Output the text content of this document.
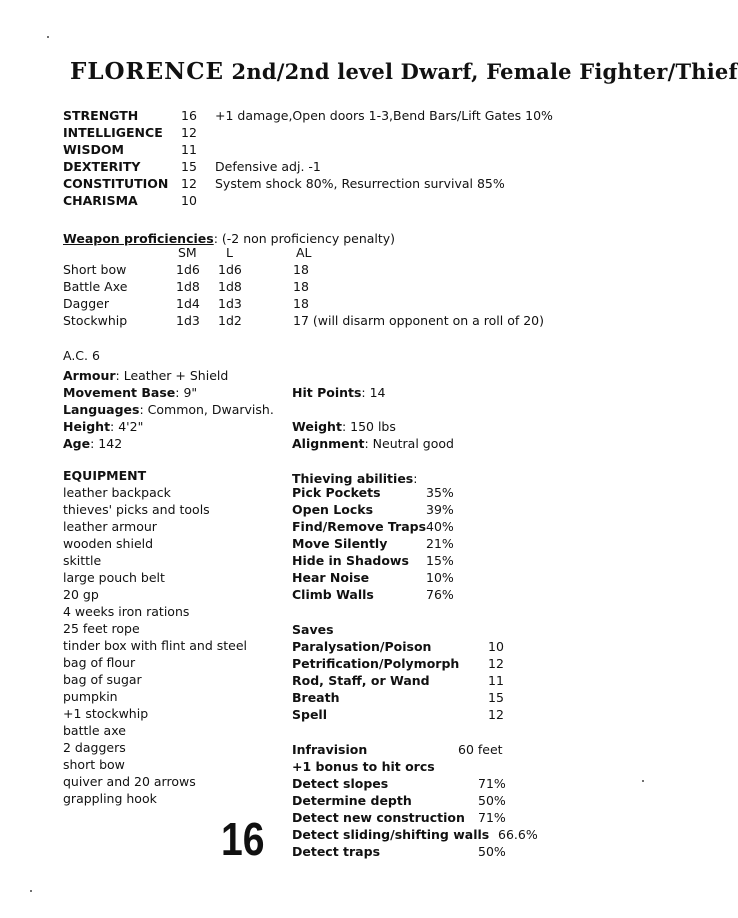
FLORENCE 2nd/2nd level Dwarf, Female Fighter/Thief
STRENGTH	16 +1 damage,Open doors 1-3,Bend Bars/Lift Gates 10%
INTELLIGENCE 12
WISDOM	11
DEXTERITY	15 Defensive adj. -1
CONSTITUTION 12 System shock 80%, Resurrection survival 85%
CHARISMA	10
Weapon proficiencies: (-2 non proficiency penalty)
SM L	AL
Short bow	1d6 1d6	18
Battle Axe	1d8 1d8	18
Dagger	1d4 1d3	18
Stockwhip	1d3 1d2	17 (will disarm opponent on a roll of 20)
A.C. 6
Armour: Leather + Shield
Movement Base: 9"	Hit Points: 14
Languages: Common, Dwarvish.
Height: 4'2"	Weight: 150 lbs
Age: 142	Alignment: Neutral good
EQUIPMENT
leather backpack
thieves' picks and tools
leather armour
wooden shield
skittle
large pouch belt
20 gp
4 weeks iron rations
25 feet rope
tinder box with flint and steel
bag of flour
bag of sugar
pumpkin
+1 stockwhip
battle axe
2 daggers
short bow
quiver and 20 arrows
grappling hook
Thieving abilities:
Pick Pockets	35%
Open Locks	39%
Find/Remove Traps 40%
Move Silently	21%
Hide in Shadows 15%
Hear Noise	10%
Climb Walls	76%
Saves
Paralysation/Poison	10
Petrification/Polymorph 12
Rod, Staff, or Wand	11
Breath	15
Spell	12
Infravision	60 feet
+1 bonus to hit orcs
Detect slopes	71%
Determine depth	50%
Detect new construction 71%
Detect sliding/shifting walls 66.6%
Detect traps	50%
16
